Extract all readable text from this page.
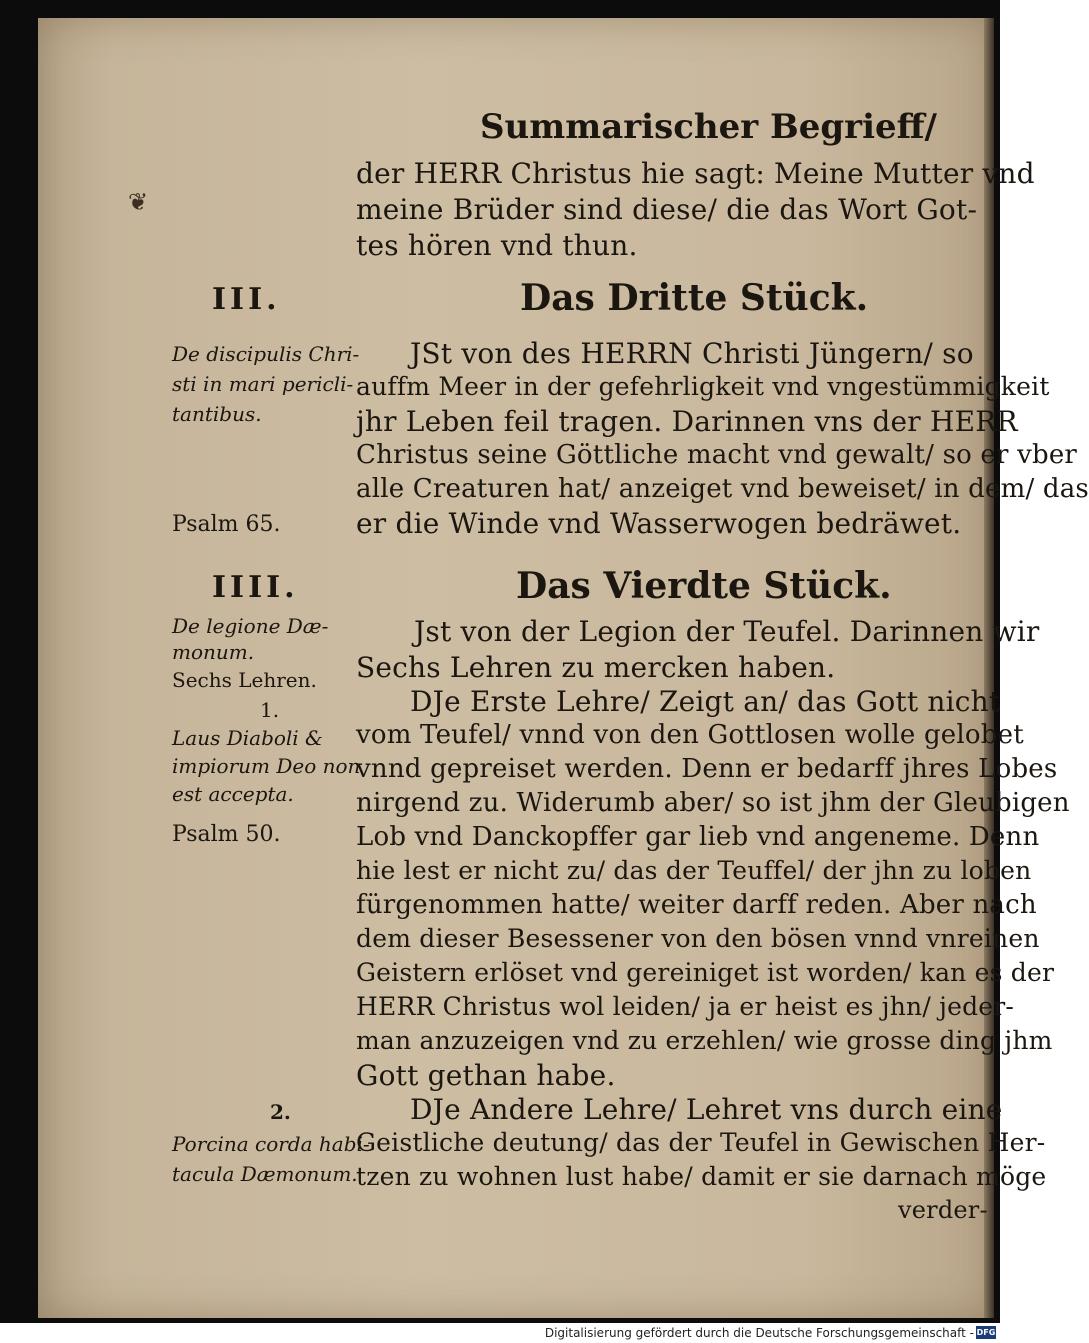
❦
Summarischer Begrieff/
der HERR Christus hie sagt: Meine Mutter vnd
meine Brüder sind diese/ die das Wort Got-
tes hören vnd thun.
III.	Das Dritte Stück.
De discipulis Chri-
sti in mari pericli-
tantibus.
JSt von des HERRN Christi Jüngern/ so
auffm Meer in der gefehrligkeit vnd vngestümmigkeit
jhr Leben feil tragen. Darinnen vns der HERR
Christus seine Göttliche macht vnd gewalt/ so er vber
alle Creaturen hat/ anzeiget vnd beweiset/ in dem/ das
er die Winde vnd Wasserwogen bedräwet.
Psalm 65.
IIII.	Das Vierdte Stück.
De legione Dæ-
monum.
Sechs Lehren.
1.
Laus Diaboli &
impiorum Deo non
est accepta.
Psalm 50.
Jst von der Legion der Teufel. Darinnen wir
Sechs Lehren zu mercken haben.
DJe Erste Lehre/ Zeigt an/ das Gott nicht
vom Teufel/ vnnd von den Gottlosen wolle gelobet
vnnd gepreiset werden. Denn er bedarff jhres Lobes
nirgend zu. Widerumb aber/ so ist jhm der Gleubigen
Lob vnd Danckopffer gar lieb vnd angeneme. Denn
hie lest er nicht zu/ das der Teuffel/ der jhn zu loben
fürgenommen hatte/ weiter darff reden. Aber nach
dem dieser Besessener von den bösen vnnd vnreinen
Geistern erlöset vnd gereiniget ist worden/ kan es der
HERR Christus wol leiden/ ja er heist es jhn/ jeder-
man anzuzeigen vnd zu erzehlen/ wie grosse ding jhm
Gott gethan habe.
DJe Andere Lehre/ Lehret vns durch eine
Geistliche deutung/ das der Teufel in Gewischen Her-
tzen zu wohnen lust habe/ damit er sie darnach möge
verder-
2.
Porcina corda habi-
tacula Dæmonum.
Digitalisierung gefördert durch die Deutsche Forschungsgemeinschaft - DFG
